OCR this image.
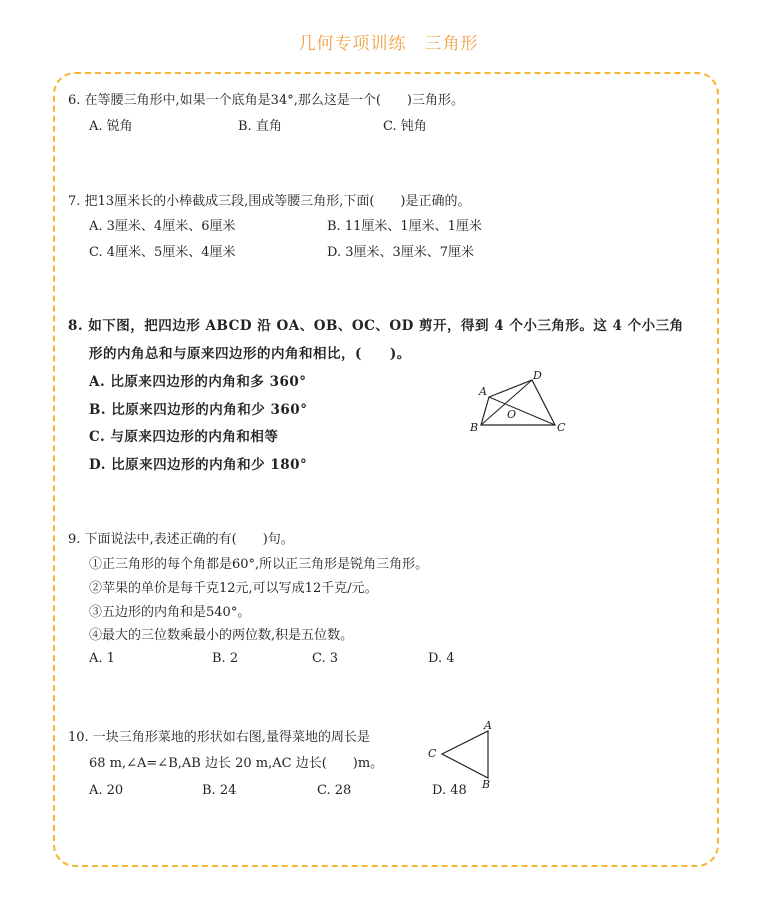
几何专项训练　三角形
6. 在等腰三角形中,如果一个底角是34°,那么这是一个(　　)三角形。
A. 锐角	B. 直角	C. 钝角
7. 把13厘米长的小棒截成三段,围成等腰三角形,下面(　　)是正确的。
A. 3厘米、4厘米、6厘米	B. 11厘米、1厘米、1厘米
C. 4厘米、5厘米、4厘米	D. 3厘米、3厘米、7厘米
8. 如下图，把四边形 ABCD 沿 OA、OB、OC、OD 剪开，得到 4 个小三角形。这 4 个小三角
形的内角总和与原来四边形的内角和相比，(　　)。
A. 比原来四边形的内角和多 360°
B. 比原来四边形的内角和少 360°
C. 与原来四边形的内角和相等
D. 比原来四边形的内角和少 180°
A
D
B	C
O
9. 下面说法中,表述正确的有(　　)句。
①正三角形的每个角都是60°,所以正三角形是锐角三角形。
②苹果的单价是每千克12元,可以写成12千克/元。
③五边形的内角和是540°。
④最大的三位数乘最小的两位数,积是五位数。
A. 1	B. 2	C. 3	D. 4
10. 一块三角形菜地的形状如右图,量得菜地的周长是
68 m,∠A=∠B,AB 边长 20 m,AC 边长(　　)m。
A. 20	B. 24	C. 28	D. 48
A
B
C
